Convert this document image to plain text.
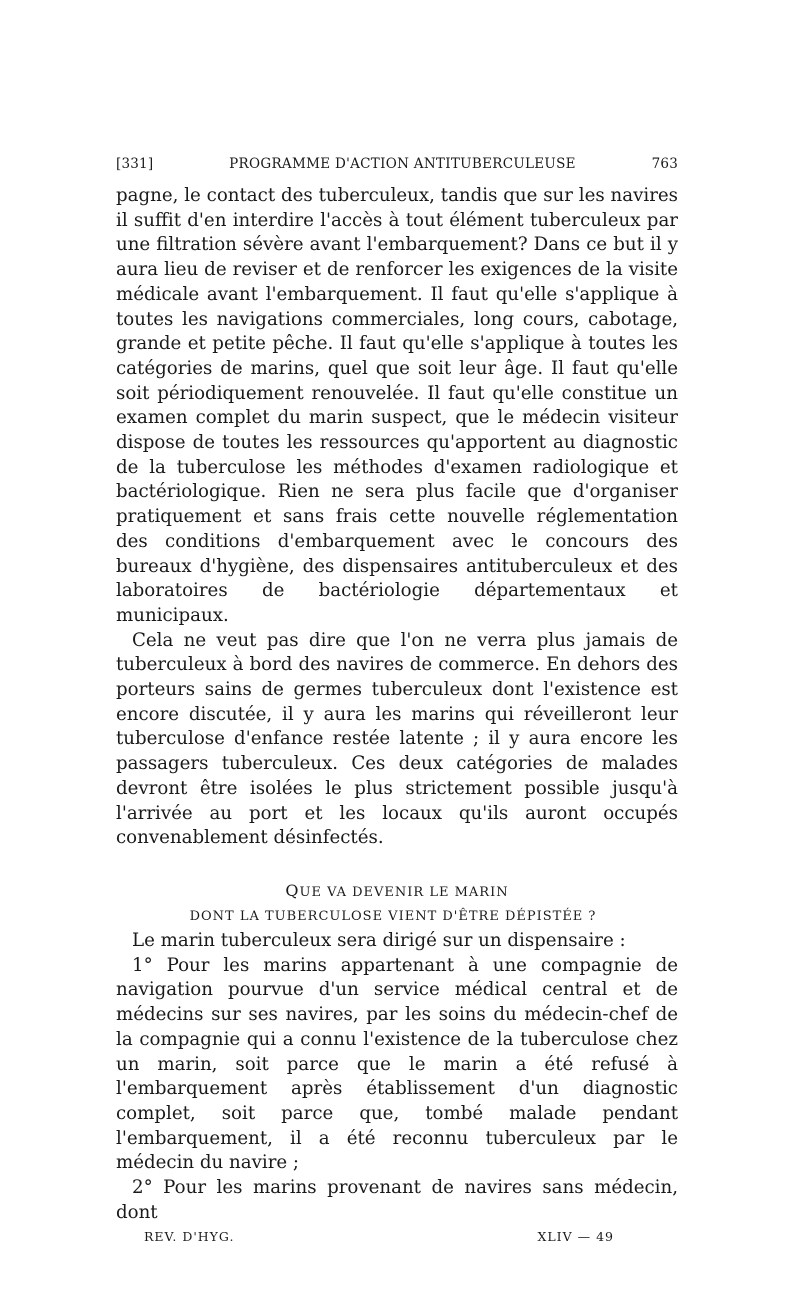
[331]	PROGRAMME D'ACTION ANTITUBERCULEUSE	763

pagne, le contact des tuberculeux, tandis que sur les navires il suffit d'en interdire l'accès à tout élément tuberculeux par une filtration sévère avant l'embarquement? Dans ce but il y aura lieu de reviser et de renforcer les exigences de la visite médicale avant l'embarquement. Il faut qu'elle s'applique à toutes les navigations commerciales, long cours, cabotage, grande et petite pêche. Il faut qu'elle s'applique à toutes les catégories de marins, quel que soit leur âge. Il faut qu'elle soit périodiquement renouvelée. Il faut qu'elle constitue un examen complet du marin suspect, que le médecin visiteur dispose de toutes les ressources qu'apportent au diagnostic de la tuberculose les méthodes d'examen radiologique et bactériologique. Rien ne sera plus facile que d'organiser pratiquement et sans frais cette nouvelle réglementation des conditions d'embarquement avec le concours des bureaux d'hygiène, des dispensaires antituberculeux et des laboratoires de bactériologie départementaux et municipaux.

Cela ne veut pas dire que l'on ne verra plus jamais de tuberculeux à bord des navires de commerce. En dehors des porteurs sains de germes tuberculeux dont l'existence est encore discutée, il y aura les marins qui réveilleront leur tuberculose d'enfance restée latente ; il y aura encore les passagers tuberculeux. Ces deux catégories de malades devront être isolées le plus strictement possible jusqu'à l'arrivée au port et les locaux qu'ils auront occupés convenablement désinfectés.

QUE VA DEVENIR LE MARIN
DONT LA TUBERCULOSE VIENT D'ÊTRE DÉPISTÉE ?

Le marin tuberculeux sera dirigé sur un dispensaire :

1° Pour les marins appartenant à une compagnie de navigation pourvue d'un service médical central et de médecins sur ses navires, par les soins du médecin-chef de la compagnie qui a connu l'existence de la tuberculose chez un marin, soit parce que le marin a été refusé à l'embarquement après établissement d'un diagnostic complet, soit parce que, tombé malade pendant l'embarquement, il a été reconnu tuberculeux par le médecin du navire ;

2° Pour les marins provenant de navires sans médecin, dont

REV. D'HYG.	XLIV — 49
